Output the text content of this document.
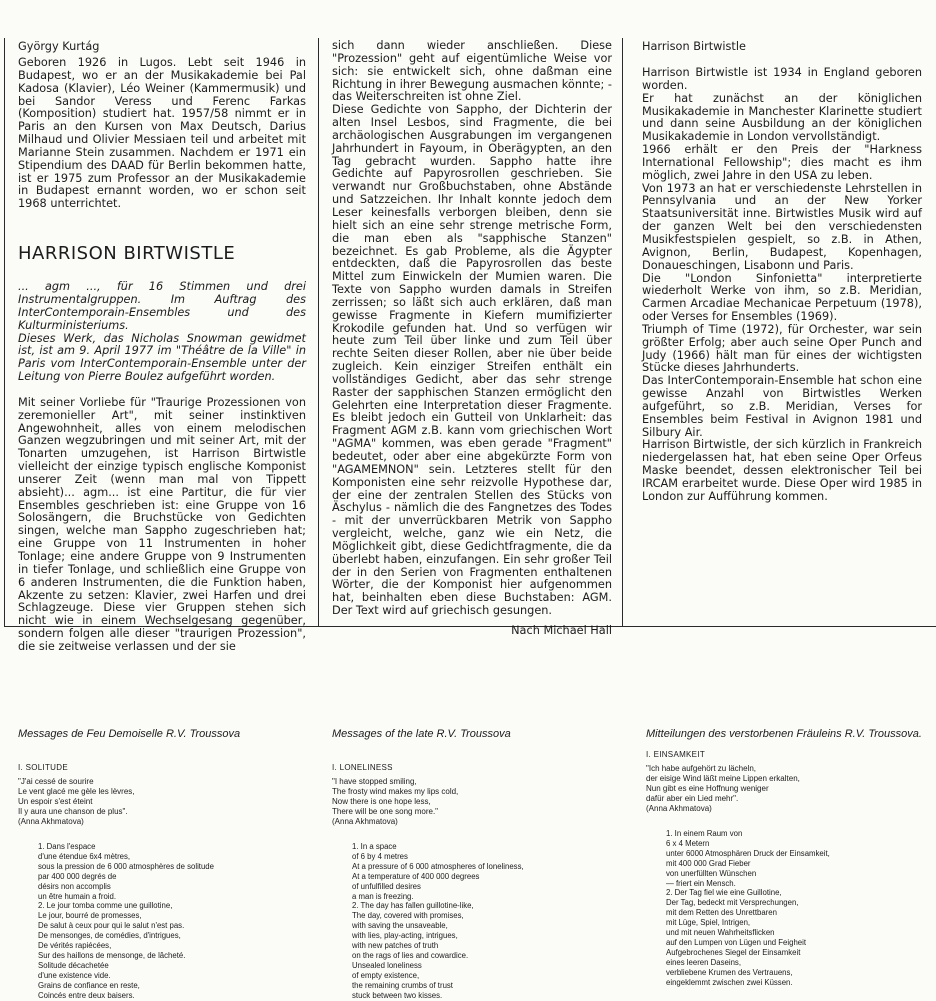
György Kurtág

Geboren 1926 in Lugos. Lebt seit 1946 in Budapest, wo er an der Musikakademie bei Pal Kadosa (Klavier), Léo Weiner (Kammermusik) und bei Sandor Veress und Ferenc Farkas (Komposition) studiert hat. 1957/58 nimmt er in Paris an den Kursen von Max Deutsch, Darius Milhaud und Olivier Messiaen teil und arbeitet mit Marianne Stein zusammen. Nachdem er 1971 ein Stipendium des DAAD für Berlin bekommen hatte, ist er 1975 zum Professor an der Musikakademie in Budapest ernannt worden, wo er schon seit 1968 unterrichtet.

HARRISON BIRTWISTLE

... agm ..., für 16 Stimmen und drei Instrumentalgruppen. Im Auftrag des InterContemporain-Ensembles und des Kulturministeriums.
Dieses Werk, das Nicholas Snowman gewidmet ist, ist am 9. April 1977 im "Théâtre de la Ville" in Paris vom InterContemporain-Ensemble unter der Leitung von Pierre Boulez aufgeführt worden.

Mit seiner Vorliebe für "Traurige Prozessionen von zeremonieller Art", mit seiner instinktiven Angewohnheit, alles von einem melodischen Ganzen wegzubringen und mit seiner Art, mit der Tonarten umzugehen, ist Harrison Birtwistle vielleicht der einzige typisch englische Komponist unserer Zeit (wenn man mal von Tippett absieht)... agm... ist eine Partitur, die für vier Ensembles geschrieben ist: eine Gruppe von 16 Solosängern, die Bruchstücke von Gedichten singen, welche man Sappho zugeschrieben hat; eine Gruppe von 11 Instrumenten in hoher Tonlage; eine andere Gruppe von 9 Instrumenten in tiefer Tonlage, und schließlich eine Gruppe von 6 anderen Instrumenten, die die Funktion haben, Akzente zu setzen: Klavier, zwei Harfen und drei Schlagzeuge. Diese vier Gruppen stehen sich nicht wie in einem Wechselgesang gegenüber, sondern folgen alle dieser "traurigen Prozession", die sie zeitweise verlassen und der sie

sich dann wieder anschließen. Diese "Prozession" geht auf eigentümliche Weise vor sich: sie entwickelt sich, ohne daßman eine Richtung in ihrer Bewegung ausmachen könnte; - das Weiterschreiten ist ohne Ziel.
Diese Gedichte von Sappho, der Dichterin der alten Insel Lesbos, sind Fragmente, die bei archäologischen Ausgrabungen im vergangenen Jahrhundert in Fayoum, in Oberägypten, an den Tag gebracht wurden. Sappho hatte ihre Gedichte auf Papyrosrollen geschrieben. Sie verwandt nur Großbuchstaben, ohne Abstände und Satzzeichen. Ihr Inhalt konnte jedoch dem Leser keinesfalls verborgen bleiben, denn sie hielt sich an eine sehr strenge metrische Form, die man eben als "sapphische Stanzen" bezeichnet. Es gab Probleme, als die Ägypter entdeckten, daß die Papyrosrollen das beste Mittel zum Einwickeln der Mumien waren. Die Texte von Sappho wurden damals in Streifen zerrissen; so läßt sich auch erklären, daß man gewisse Fragmente in Kiefern mumifizierter Krokodile gefunden hat. Und so verfügen wir heute zum Teil über linke und zum Teil über rechte Seiten dieser Rollen, aber nie über beide zugleich. Kein einziger Streifen enthält ein vollständiges Gedicht, aber das sehr strenge Raster der sapphischen Stanzen ermöglicht den Gelehrten eine Interpretation dieser Fragmente. Es bleibt jedoch ein Gutteil von Unklarheit: das Fragment AGM z.B. kann vom griechischen Wort "AGMA" kommen, was eben gerade "Fragment" bedeutet, oder aber eine abgekürzte Form von "AGAMEMNON" sein. Letzteres stellt für den Komponisten eine sehr reizvolle Hypothese dar, der eine der zentralen Stellen des Stücks von Äschylus - nämlich die des Fangnetzes des Todes - mit der unverrückbaren Metrik von Sappho vergleicht, welche, ganz wie ein Netz, die Möglichkeit gibt, diese Gedichtfragmente, die da überlebt haben, einzufangen. Ein sehr großer Teil der in den Serien von Fragmenten enthaltenen Wörter, die der Komponist hier aufgenommen hat, beinhalten eben diese Buchstaben: AGM. Der Text wird auf griechisch gesungen.

Nach Michael Hall

Harrison Birtwistle

Harrison Birtwistle ist 1934 in England geboren worden.
Er hat zunächst an der königlichen Musikakademie in Manchester Klarinette studiert und dann seine Ausbildung an der königlichen Musikakademie in London vervollständigt.
1966 erhält er den Preis der "Harkness International Fellowship"; dies macht es ihm möglich, zwei Jahre in den USA zu leben.
Von 1973 an hat er verschiedenste Lehrstellen in Pennsylvania und an der New Yorker Staatsuniversität inne. Birtwistles Musik wird auf der ganzen Welt bei den verschiedensten Musikfestspielen gespielt, so z.B. in Athen, Avignon, Berlin, Budapest, Kopenhagen, Donaueschingen, Lisabonn und Paris.
Die "London Sinfonietta" interpretierte wiederholt Werke von ihm, so z.B. Meridian, Carmen Arcadiae Mechanicae Perpetuum (1978), oder Verses for Ensembles (1969).
Triumph of Time (1972), für Orchester, war sein größter Erfolg; aber auch seine Oper Punch and Judy (1966) hält man für eines der wichtigsten Stücke dieses Jahrhunderts.
Das InterContemporain-Ensemble hat schon eine gewisse Anzahl von Birtwistles Werken aufgeführt, so z.B. Meridian, Verses for Ensembles beim Festival in Avignon 1981 und Silbury Air.
Harrison Birtwistle, der sich kürzlich in Frankreich niedergelassen hat, hat eben seine Oper Orfeus Maske beendet, dessen elektronischer Teil bei IRCAM erarbeitet wurde. Diese Oper wird 1985 in London zur Aufführung kommen.

Messages de Feu Demoiselle R.V. Troussova

I. SOLITUDE

"J'ai cessé de sourire
Le vent glacé me gèle les lèvres,
Un espoir s'est éteint
Il y aura une chanson de plus".
(Anna Akhmatova)

1. Dans l'espace
d'une étendue 6x4 mètres,
sous la pression de 6 000 atmosphères de solitude
par 400 000 degrés de
désirs non accomplis
un être humain a froid.
2. Le jour tomba comme une guillotine,
Le jour, bourré de promesses,
De salut à ceux pour qui le salut n'est pas.
De mensonges, de comédies, d'intrigues,
De vérités rapiécées,
Sur des haillons de mensonge, de lâcheté.
Solitude décachetée
d'une existence vide.
Grains de confiance en reste,
Coincés entre deux baisers.

Messages of the late R.V. Troussova

I. LONELINESS

"I have stopped smiling,
The frosty wind makes my lips cold,
Now there is one hope less,
There will be one song more."
(Anna Akhmatova)

1. In a space
of 6 by 4 metres
At a pressure of 6 000 atmospheres of loneliness,
At a temperature of 400 000 degrees
of unfulfilled desires
a man is freezing.
2. The day has fallen guillotine-like,
The day, covered with promises,
with saving the unsaveable,
with lies, play-acting, intrigues,
with new patches of truth
on the rags of lies and cowardice.
Unsealed loneliness
of empty existence,
the remaining crumbs of trust
stuck between two kisses.

Mitteilungen des verstorbenen Fräuleins R.V. Troussova.

I. EINSAMKEIT

"Ich habe aufgehört zu lächeln,
der eisige Wind läßt meine Lippen erkalten,
Nun gibt es eine Hoffnung weniger
dafür aber ein Lied mehr".
(Anna Akhmatova)

1. In einem Raum von
6 x 4 Metern
unter 6000 Atmosphären Druck der Einsamkeit,
mit 400 000 Grad Fieber
von unerfüllten Wünschen
— friert ein Mensch.
2. Der Tag fiel wie eine Guillotine,
Der Tag, bedeckt mit Versprechungen,
mit dem Retten des Unrettbaren
mit Lüge, Spiel, Intrigen,
und mit neuen Wahrheitsflicken
auf den Lumpen von Lügen und Feigheit
Aufgebrochenes Siegel der Einsamkeit
eines leeren Daseins,
verbliebene Krumen des Vertrauens,
eingeklemmt zwischen zwei Küssen.
